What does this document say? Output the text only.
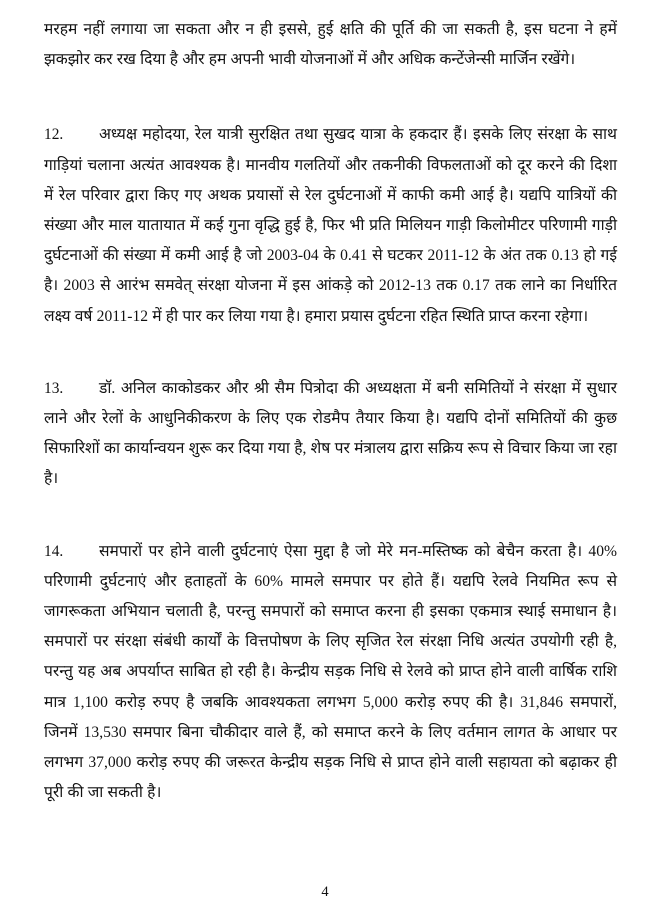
मरहम नहीं लगाया जा सकता और न ही इससे, हुई क्षति की पूर्ति की जा सकती है, इस घटना ने हमें झकझोर कर रख दिया है और हम अपनी भावी योजनाओं में और अधिक कन्टेंजेन्सी मार्जिन रखेंगे।

12. अध्यक्ष महोदया, रेल यात्री सुरक्षित तथा सुखद यात्रा के हकदार हैं। इसके लिए संरक्षा के साथ गाड़ियां चलाना अत्यंत आवश्यक है। मानवीय गलतियों और तकनीकी विफलताओं को दूर करने की दिशा में रेल परिवार द्वारा किए गए अथक प्रयासों से रेल दुर्घटनाओं में काफी कमी आई है। यद्यपि यात्रियों की संख्या और माल यातायात में कई गुना वृद्धि हुई है, फिर भी प्रति मिलियन गाड़ी किलोमीटर परिणामी गाड़ी दुर्घटनाओं की संख्या में कमी आई है जो 2003-04 के 0.41 से घटकर 2011-12 के अंत तक 0.13 हो गई है। 2003 से आरंभ समवेत् संरक्षा योजना में इस आंकड़े को 2012-13 तक 0.17 तक लाने का निर्धारित लक्ष्य वर्ष 2011-12 में ही पार कर लिया गया है। हमारा प्रयास दुर्घटना रहित स्थिति प्राप्त करना रहेगा।

13. डॉ. अनिल काकोडकर और श्री सैम पित्रोदा की अध्यक्षता में बनी समितियों ने संरक्षा में सुधार लाने और रेलों के आधुनिकीकरण के लिए एक रोडमैप तैयार किया है। यद्यपि दोनों समितियों की कुछ सिफारिशों का कार्यान्वयन शुरू कर दिया गया है, शेष पर मंत्रालय द्वारा सक्रिय रूप से विचार किया जा रहा है।

14. समपारों पर होने वाली दुर्घटनाएं ऐसा मुद्दा है जो मेरे मन-मस्तिष्क को बेचैन करता है। 40% परिणामी दुर्घटनाएं और हताहतों के 60% मामले समपार पर होते हैं। यद्यपि रेलवे नियमित रूप से जागरूकता अभियान चलाती है, परन्तु समपारों को समाप्त करना ही इसका एकमात्र स्थाई समाधान है। समपारों पर संरक्षा संबंधी कार्यों के वित्तपोषण के लिए सृजित रेल संरक्षा निधि अत्यंत उपयोगी रही है, परन्तु यह अब अपर्याप्त साबित हो रही है। केन्द्रीय सड़क निधि से रेलवे को प्राप्त होने वाली वार्षिक राशि मात्र 1,100 करोड़ रुपए है जबकि आवश्यकता लगभग 5,000 करोड़ रुपए की है। 31,846 समपारों, जिनमें 13,530 समपार बिना चौकीदार वाले हैं, को समाप्त करने के लिए वर्तमान लागत के आधार पर लगभग 37,000 करोड़ रुपए की जरूरत केन्द्रीय सड़क निधि से प्राप्त होने वाली सहायता को बढ़ाकर ही पूरी की जा सकती है।

4
